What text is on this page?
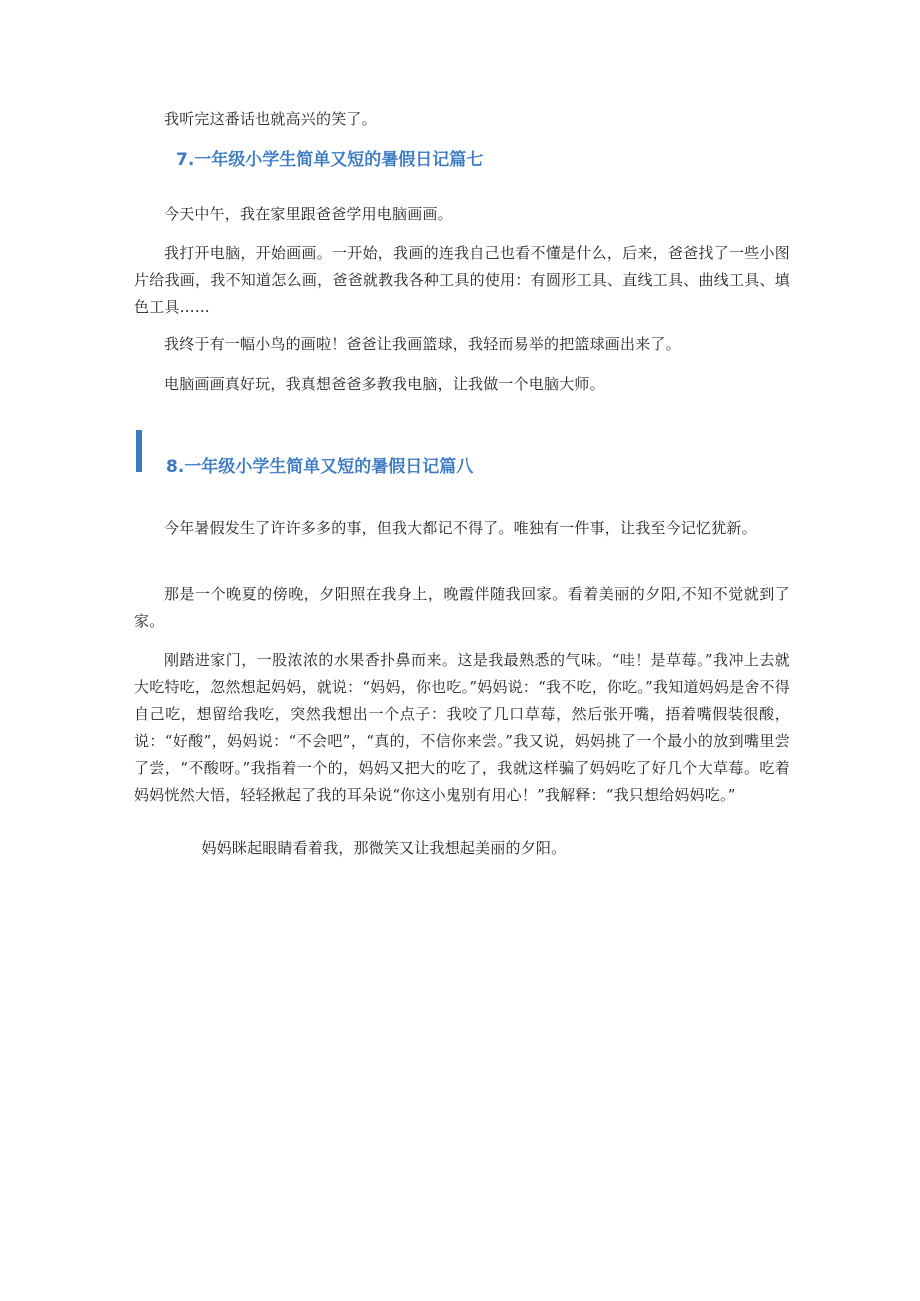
我听完这番话也就高兴的笑了。

7.一年级小学生简单又短的暑假日记篇七

今天中午，我在家里跟爸爸学用电脑画画。

我打开电脑，开始画画。一开始，我画的连我自己也看不懂是什么，后来，爸爸找了一些小图片给我画，我不知道怎么画，爸爸就教我各种工具的使用：有圆形工具、直线工具、曲线工具、填色工具……

我终于有一幅小鸟的画啦！爸爸让我画篮球，我轻而易举的把篮球画出来了。

电脑画画真好玩，我真想爸爸多教我电脑，让我做一个电脑大师。

8.一年级小学生简单又短的暑假日记篇八

今年暑假发生了许许多多的事，但我大都记不得了。唯独有一件事，让我至今记忆犹新。

那是一个晚夏的傍晚，夕阳照在我身上，晚霞伴随我回家。看着美丽的夕阳,不知不觉就到了家。

刚踏进家门，一股浓浓的水果香扑鼻而来。这是我最熟悉的气味。“哇！是草莓。”我冲上去就大吃特吃，忽然想起妈妈，就说：“妈妈，你也吃。”妈妈说：“我不吃，你吃。”我知道妈妈是舍不得自己吃，想留给我吃，突然我想出一个点子：我咬了几口草莓，然后张开嘴，捂着嘴假装很酸，说：“好酸”，妈妈说：“不会吧”，“真的，不信你来尝。”我又说，妈妈挑了一个最小的放到嘴里尝了尝，“不酸呀。”我指着一个的，妈妈又把大的吃了，我就这样骗了妈妈吃了好几个大草莓。吃着妈妈恍然大悟，轻轻揪起了我的耳朵说“你这小鬼别有用心！”我解释：“我只想给妈妈吃。”

妈妈眯起眼睛看着我，那微笑又让我想起美丽的夕阳。
